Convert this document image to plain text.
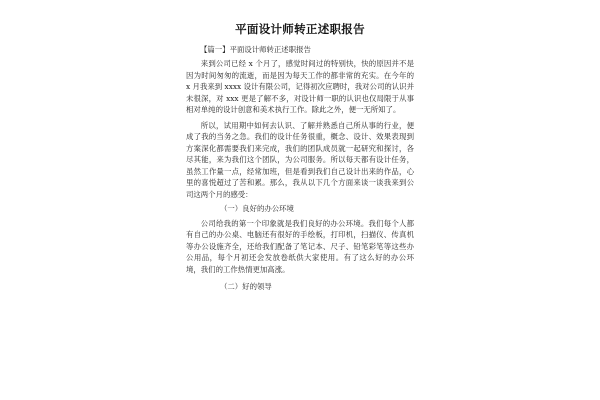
平面设计师转正述职报告
【篇一】平面设计师转正述职报告

来到公司已经 x 个月了，感觉时间过的特别快，快的原因并不是因为时间匆匆的流逝，而是因为每天工作的都非常的充实。在今年的 x 月我来到 xxxx 设计有限公司，记得初次应聘时，我对公司的认识并未很深，对 xxx 更是了解不多，对设计师一职的认识也仅局限于从事相对单纯的设计创意和美术执行工作。除此之外，便一无所知了。

所以，试用期中如何去认识、了解并熟悉自己所从事的行业，便成了我的当务之急。我们的设计任务很重，概念、设计、效果表现到方案深化都需要我们来完成，我们的团队成员就一起研究和探讨，各尽其能，来为我们这个团队，为公司服务。所以每天都有设计任务，虽然工作量一点，经常加班，但是看到我们自己设计出来的作品，心里的喜悦超过了苦和累。那么，我从以下几个方面来谈一谈我来到公司这两个月的感受：

（一）良好的办公环境

公司给我的第一个印象就是我们良好的办公环境。我们每个人都有自己的办公桌、电脑还有很好的手绘板，打印机，扫描仪、传真机等办公设施齐全，还给我们配备了笔记本、尺子、铅笔彩笔等这些办公用品，每个月初还会发放卷纸供大家使用。有了这么好的办公环境，我们的工作热情更加高涨。

（二）好的领导
